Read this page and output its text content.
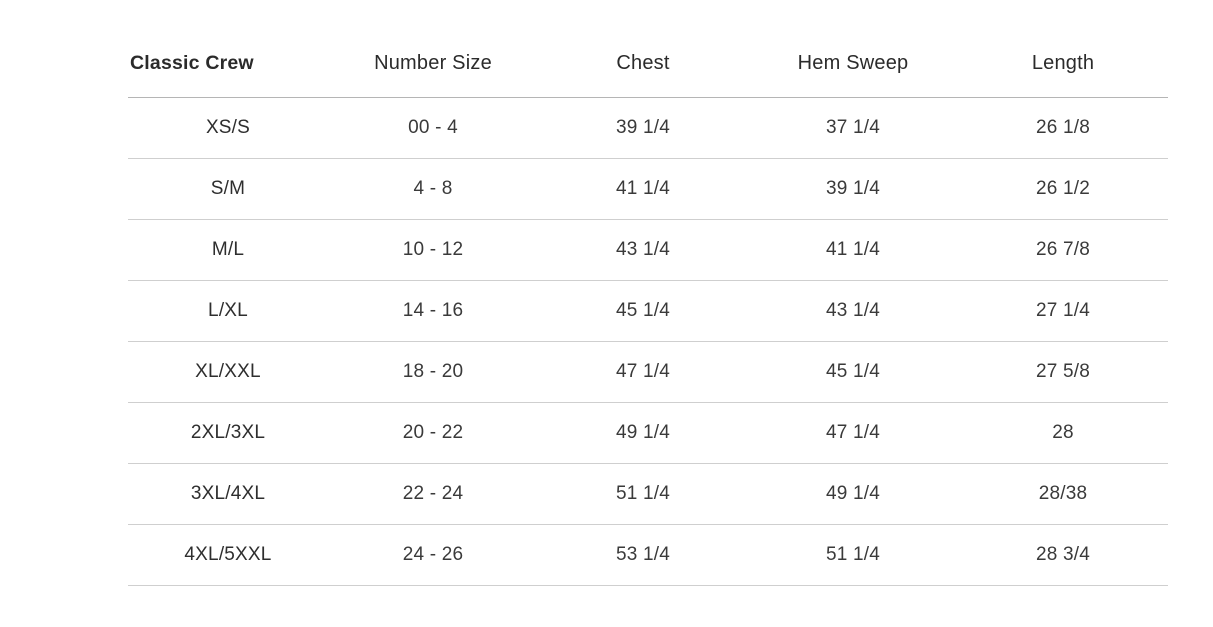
Classic Crew	Number Size	Chest	Hem Sweep	Length
XS/S	00 - 4	39 1/4	37 1/4	26 1/8
S/M	4 - 8	41 1/4	39 1/4	26 1/2
M/L	10 - 12	43 1/4	41 1/4	26 7/8
L/XL	14 - 16	45 1/4	43 1/4	27 1/4
XL/XXL	18 - 20	47 1/4	45 1/4	27 5/8
2XL/3XL	20 - 22	49 1/4	47 1/4	28
3XL/4XL	22 - 24	51 1/4	49 1/4	28/38
4XL/5XXL	24 - 26	53 1/4	51 1/4	28 3/4
